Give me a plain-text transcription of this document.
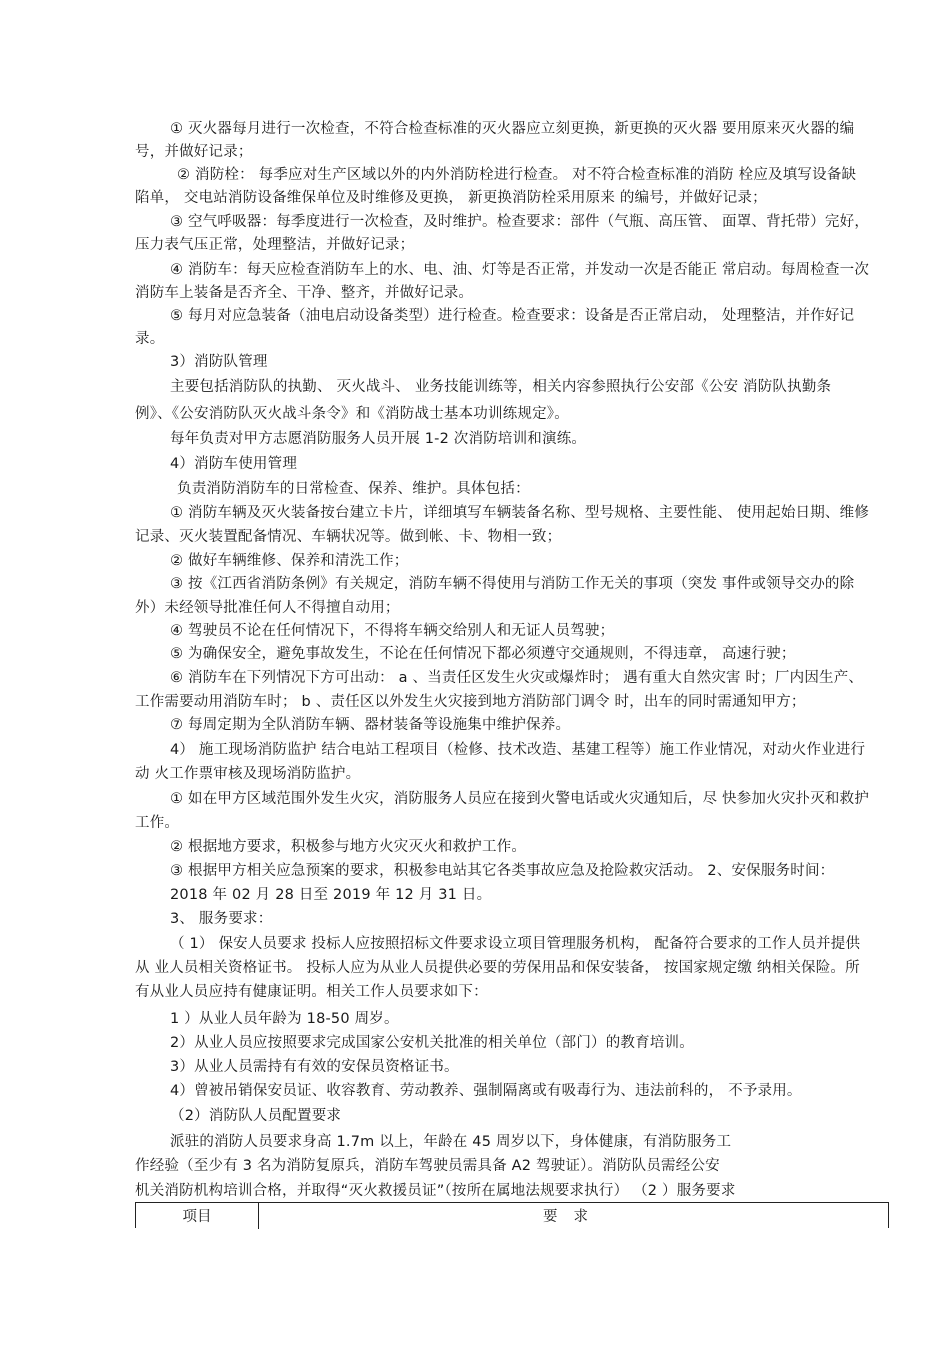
① 灭火器每月进行一次检查，不符合检查标准的灭火器应立刻更换，新更换的灭火器 要用原来灭火器的编
号，并做好记录；
② 消防栓： 每季应对生产区域以外的内外消防栓进行检查。 对不符合检查标准的消防 栓应及填写设备缺
陷单， 交电站消防设备维保单位及时维修及更换， 新更换消防栓采用原来 的编号，并做好记录；
③ 空气呼吸器：每季度进行一次检查，及时维护。检查要求：部件（气瓶、高压管、 面罩、背托带）完好，
压力表气压正常，处理整洁，并做好记录；
④ 消防车：每天应检查消防车上的水、电、油、灯等是否正常，并发动一次是否能正 常启动。每周检查一次
消防车上装备是否齐全、干净、整齐，并做好记录。
⑤ 每月对应急装备（油电启动设备类型）进行检查。检查要求：设备是否正常启动， 处理整洁，并作好记
录。
3）消防队管理
主要包括消防队的执勤、 灭火战斗、 业务技能训练等，相关内容参照执行公安部《公安 消防队执勤条
例》、《公安消防队灭火战斗条令》和《消防战士基本功训练规定》。
每年负责对甲方志愿消防服务人员开展 1-2 次消防培训和演练。
4）消防车使用管理
负责消防消防车的日常检查、保养、维护。具体包括：
① 消防车辆及灭火装备按台建立卡片，详细填写车辆装备名称、型号规格、主要性能、 使用起始日期、维修
记录、灭火装置配备情况、车辆状况等。做到帐、卡、物相一致；
② 做好车辆维修、保养和清洗工作；
③ 按《江西省消防条例》有关规定，消防车辆不得使用与消防工作无关的事项（突发 事件或领导交办的除
外）未经领导批准任何人不得擅自动用；
④ 驾驶员不论在任何情况下，不得将车辆交给别人和无证人员驾驶；
⑤ 为确保安全，避免事故发生，不论在任何情况下都必须遵守交通规则，不得违章， 高速行驶；
⑥ 消防车在下列情况下方可出动： a 、当责任区发生火灾或爆炸时； 遇有重大自然灾害 时；厂内因生产、
工作需要动用消防车时； b 、责任区以外发生火灾接到地方消防部门调令 时，出车的同时需通知甲方；
⑦ 每周定期为全队消防车辆、器材装备等设施集中维护保养。
4） 施工现场消防监护 结合电站工程项目（检修、技术改造、基建工程等）施工作业情况，对动火作业进行
动 火工作票审核及现场消防监护。
① 如在甲方区域范围外发生火灾，消防服务人员应在接到火警电话或火灾通知后，尽 快参加火灾扑灭和救护
工作。
② 根据地方要求，积极参与地方火灾灭火和救护工作。
③ 根据甲方相关应急预案的要求，积极参电站其它各类事故应急及抢险救灾活动。 2、安保服务时间：
2018 年 02 月 28 日至 2019 年 12 月 31 日。
3、 服务要求：
（ 1） 保安人员要求 投标人应按照招标文件要求设立项目管理服务机构， 配备符合要求的工作人员并提供
从 业人员相关资格证书。 投标人应为从业人员提供必要的劳保用品和保安装备， 按国家规定缴 纳相关保险。所
有从业人员应持有健康证明。相关工作人员要求如下：
1 ）从业人员年龄为 18-50 周岁。
2）从业人员应按照要求完成国家公安机关批准的相关单位（部门）的教育培训。
3）从业人员需持有有效的安保员资格证书。
4）曾被吊销保安员证、收容教育、劳动教养、强制隔离或有吸毒行为、违法前科的， 不予录用。
（2）消防队人员配置要求
派驻的消防人员要求身高 1.7m 以上，年龄在 45 周岁以下，身体健康，有消防服务工
作经验（至少有 3 名为消防复原兵，消防车驾驶员需具备 A2 驾驶证）。消防队员需经公安
机关消防机构培训合格，并取得“灭火救援员证”（按所在属地法规要求执行） （2 ）服务要求
项目	要求
